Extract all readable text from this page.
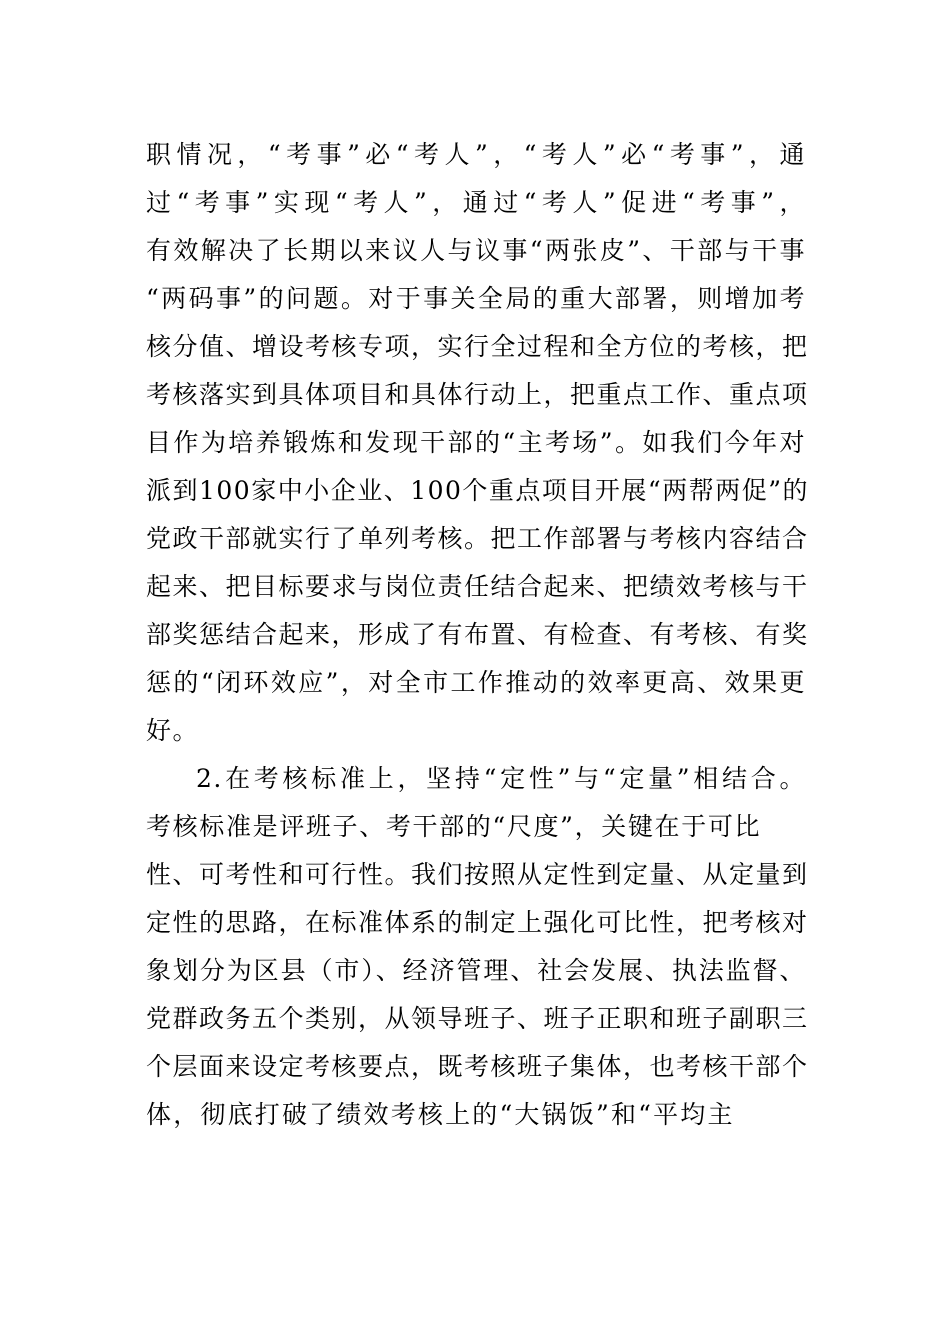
职情况，“考事”必“考人”，“考人”必“考事”，通
过“考事”实现“考人”，通过“考人”促进“考事”，
有效解决了长期以来议人与议事“两张皮”、干部与干事
“两码事”的问题。对于事关全局的重大部署，则增加考
核分值、增设考核专项，实行全过程和全方位的考核，把
考核落实到具体项目和具体行动上，把重点工作、重点项
目作为培养锻炼和发现干部的“主考场”。如我们今年对
派到100家中小企业、100个重点项目开展“两帮两促”的
党政干部就实行了单列考核。把工作部署与考核内容结合
起来、把目标要求与岗位责任结合起来、把绩效考核与干
部奖惩结合起来，形成了有布置、有检查、有考核、有奖
惩的“闭环效应”，对全市工作推动的效率更高、效果更
好。
2.在考核标准上，坚持“定性”与“定量”相结合。
考核标准是评班子、考干部的“尺度”，关键在于可比
性、可考性和可行性。我们按照从定性到定量、从定量到
定性的思路，在标准体系的制定上强化可比性，把考核对
象划分为区县（市）、经济管理、社会发展、执法监督、
党群政务五个类别，从领导班子、班子正职和班子副职三
个层面来设定考核要点，既考核班子集体，也考核干部个
体，彻底打破了绩效考核上的“大锅饭”和“平均主
